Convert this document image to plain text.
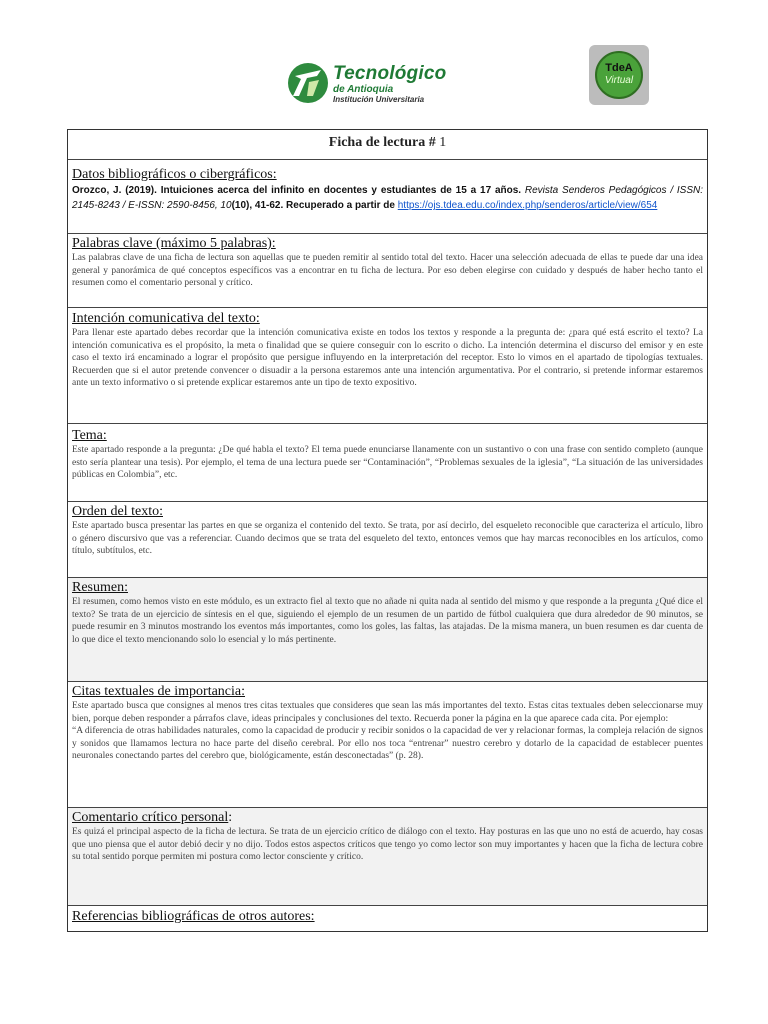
Tecnológico
de Antioquia
Institución Universitaria
TdeA
Virtual
Ficha de lectura # 1
Datos bibliográficos o cibergráficos:
Orozco, J. (2019). Intuiciones acerca del infinito en docentes y estudiantes de 15 a 17 años. Revista Senderos Pedagógicos / ISSN: 2145-8243 / E-ISSN: 2590-8456, 10(10), 41-62. Recuperado a partir de https://ojs.tdea.edu.co/index.php/senderos/article/view/654
Palabras clave (máximo 5 palabras):
Las palabras clave de una ficha de lectura son aquellas que te pueden remitir al sentido total del texto. Hacer una selección adecuada de ellas te puede dar una idea general y panorámica de qué conceptos específicos vas a encontrar en tu ficha de lectura. Por eso deben elegirse con cuidado y después de haber hecho tanto el resumen como el comentario personal y crítico.
Intención comunicativa del texto:
Para llenar este apartado debes recordar que la intención comunicativa existe en todos los textos y responde a la pregunta de: ¿para qué está escrito el texto? La intención comunicativa es el propósito, la meta o finalidad que se quiere conseguir con lo escrito o dicho. La intención determina el discurso del emisor y en este caso el texto irá encaminado a lograr el propósito que persigue influyendo en la interpretación del receptor. Esto lo vimos en el apartado de tipologías textuales. Recuerden que si el autor pretende convencer o disuadir a la persona estaremos ante una intención argumentativa. Por el contrario, si pretende informar estaremos ante un texto informativo o si pretende explicar estaremos ante un tipo de texto expositivo.
Tema:
Este apartado responde a la pregunta: ¿De qué habla el texto? El tema puede enunciarse llanamente con un sustantivo o con una frase con sentido completo (aunque esto sería plantear una tesis). Por ejemplo, el tema de una lectura puede ser “Contaminación”, “Problemas sexuales de la iglesia”, “La situación de las universidades públicas en Colombia”, etc.
Orden del texto:
Este apartado busca presentar las partes en que se organiza el contenido del texto. Se trata, por así decirlo, del esqueleto reconocible que caracteriza el artículo, libro o género discursivo que vas a referenciar. Cuando decimos que se trata del esqueleto del texto, entonces vemos que hay marcas reconocibles en los artículos, como título, subtítulos, etc.
Resumen:
El resumen, como hemos visto en este módulo, es un extracto fiel al texto que no añade ni quita nada al sentido del mismo y que responde a la pregunta ¿Qué dice el texto? Se trata de un ejercicio de síntesis en el que, siguiendo el ejemplo de un resumen de un partido de fútbol cualquiera que dura alrededor de 90 minutos, se puede resumir en 3 minutos mostrando los eventos más importantes, como los goles, las faltas, las atajadas. De la misma manera, un buen resumen es dar cuenta de lo que dice el texto mencionando solo lo esencial y lo más pertinente.
Citas textuales de importancia:
Este apartado busca que consignes al menos tres citas textuales que consideres que sean las más importantes del texto. Estas citas textuales deben seleccionarse muy bien, porque deben responder a párrafos clave, ideas principales y conclusiones del texto. Recuerda poner la página en la que aparece cada cita. Por ejemplo:
“A diferencia de otras habilidades naturales, como la capacidad de producir y recibir sonidos o la capacidad de ver y relacionar formas, la compleja relación de signos y sonidos que llamamos lectura no hace parte del diseño cerebral. Por ello nos toca “entrenar” nuestro cerebro y dotarlo de la capacidad de establecer puentes neuronales conectando partes del cerebro que, biológicamente, están desconectadas” (p. 28).
Comentario crítico personal:
Es quizá el principal aspecto de la ficha de lectura. Se trata de un ejercicio crítico de diálogo con el texto. Hay posturas en las que uno no está de acuerdo, hay cosas que uno piensa que el autor debió decir y no dijo. Todos estos aspectos críticos que tengo yo como lector son muy importantes y hacen que la ficha de lectura cobre su total sentido porque permiten mi postura como lector consciente y crítico.
Referencias bibliográficas de otros autores:
